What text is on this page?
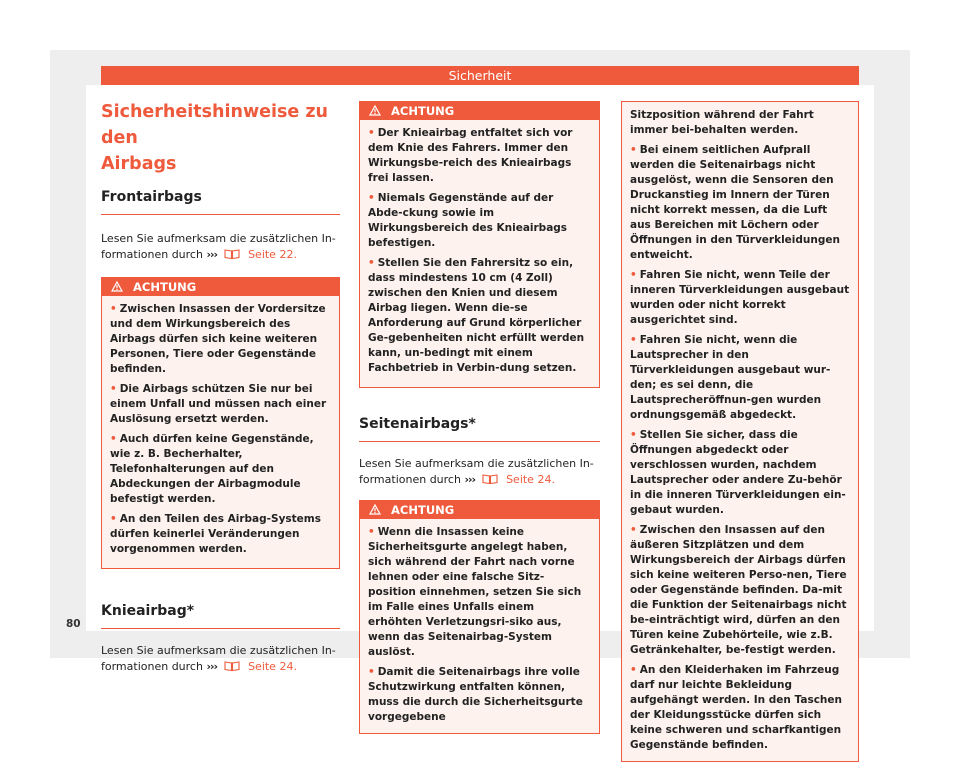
Sicherheit
Sicherheitshinweise zu den
Airbags
Frontairbags
Lesen Sie aufmerksam die zusätzlichen In-formationen durch ›››	Seite 22.
ACHTUNG
• Zwischen Insassen der Vordersitze und dem Wirkungsbereich des Airbags dürfen sich keine weiteren Personen, Tiere oder Gegenstände befinden.
• Die Airbags schützen Sie nur bei einem Unfall und müssen nach einer Auslösung ersetzt werden.
• Auch dürfen keine Gegenstände, wie z. B. Becherhalter, Telefonhalterungen auf den Abdeckungen der Airbagmodule befestigt werden.
• An den Teilen des Airbag-Systems dürfen keinerlei Veränderungen vorgenommen werden.
Knieairbag*
Lesen Sie aufmerksam die zusätzlichen In-formationen durch ›››	Seite 24.
ACHTUNG
• Der Knieairbag entfaltet sich vor dem Knie des Fahrers. Immer den Wirkungsbe-reich des Knieairbags frei lassen.
• Niemals Gegenstände auf der Abde-ckung sowie im Wirkungsbereich des Knieairbags befestigen.
• Stellen Sie den Fahrersitz so ein, dass mindestens 10 cm (4 Zoll) zwischen den Knien und diesem Airbag liegen. Wenn die-se Anforderung auf Grund körperlicher Ge-gebenheiten nicht erfüllt werden kann, un-bedingt mit einem Fachbetrieb in Verbin-dung setzen.
Seitenairbags*
Lesen Sie aufmerksam die zusätzlichen In-formationen durch ›››	Seite 24.
ACHTUNG
• Wenn die Insassen keine Sicherheitsgurte angelegt haben, sich während der Fahrt nach vorne lehnen oder eine falsche Sitz-position einnehmen, setzen Sie sich im Falle eines Unfalls einem erhöhten Verletzungsri-siko aus, wenn das Seitenairbag-System auslöst.
• Damit die Seitenairbags ihre volle Schutzwirkung entfalten können, muss die durch die Sicherheitsgurte vorgegebene
Sitzposition während der Fahrt immer bei-behalten werden.
• Bei einem seitlichen Aufprall werden die Seitenairbags nicht ausgelöst, wenn die Sensoren den Druckanstieg im Innern der Türen nicht korrekt messen, da die Luft aus Bereichen mit Löchern oder Öffnungen in den Türverkleidungen entweicht.
• Fahren Sie nicht, wenn Teile der inneren Türverkleidungen ausgebaut wurden oder nicht korrekt ausgerichtet sind.
• Fahren Sie nicht, wenn die Lautsprecher in den Türverkleidungen ausgebaut wur-den; es sei denn, die Lautsprecheröffnun-gen wurden ordnungsgemäß abgedeckt.
• Stellen Sie sicher, dass die Öffnungen abgedeckt oder verschlossen wurden, nachdem Lautsprecher oder andere Zu-behör in die inneren Türverkleidungen ein-gebaut wurden.
• Zwischen den Insassen auf den äußeren Sitzplätzen und dem Wirkungsbereich der Airbags dürfen sich keine weiteren Perso-nen, Tiere oder Gegenstände befinden. Da-mit die Funktion der Seitenairbags nicht be-einträchtigt wird, dürfen an den Türen keine Zubehörteile, wie z.B. Getränkehalter, be-festigt werden.
• An den Kleiderhaken im Fahrzeug darf nur leichte Bekleidung aufgehängt werden. In den Taschen der Kleidungsstücke dürfen sich keine schweren und scharfkantigen Gegenstände befinden.
80
